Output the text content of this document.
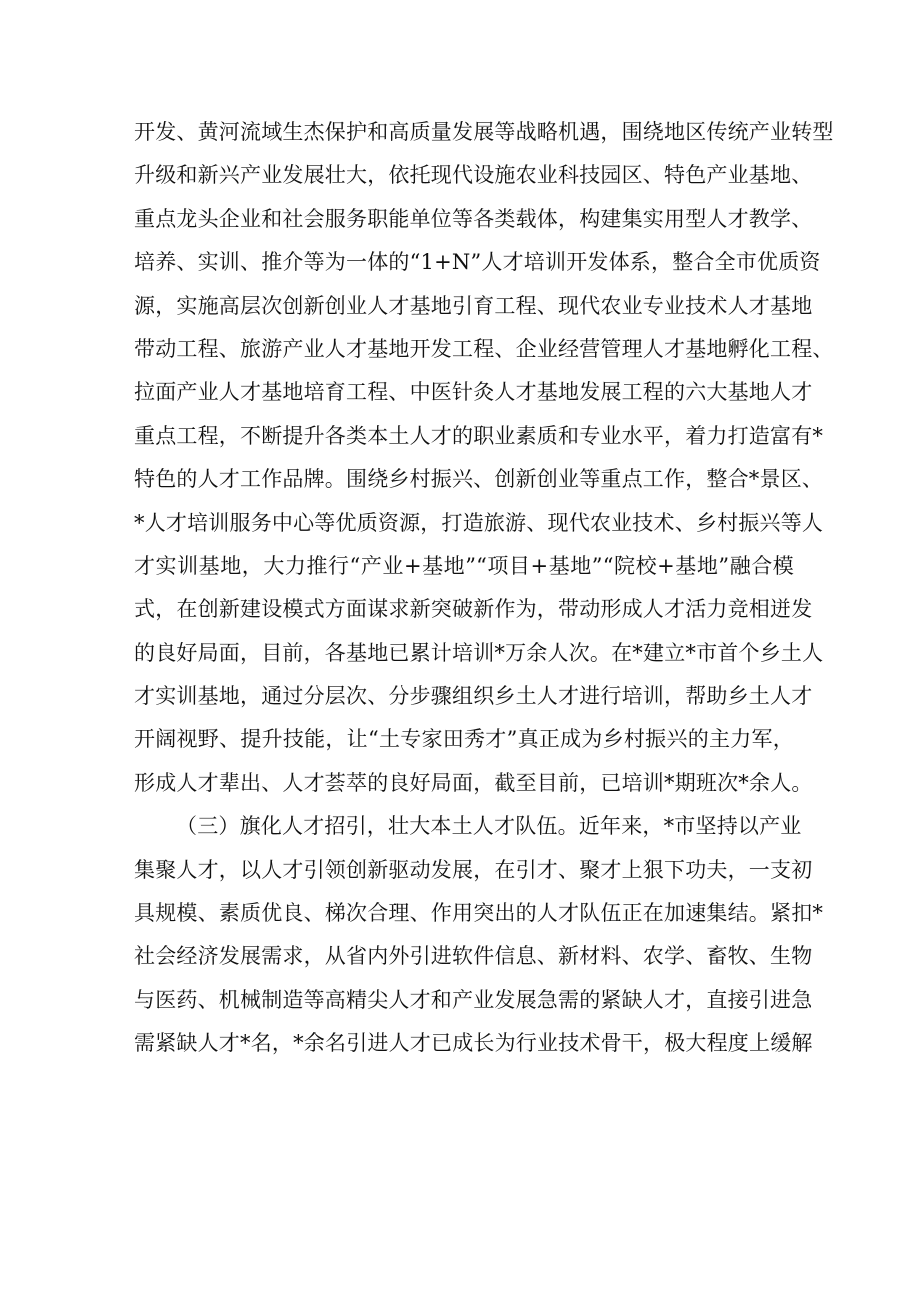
开发、黄河流域生杰保护和高质量发展等战略机遇，围绕地区传统产业转型
升级和新兴产业发展壮大，依托现代设施农业科技园区、特色产业基地、
重点龙头企业和社会服务职能单位等各类载体，构建集实用型人才教学、
培养、实训、推介等为一体的“1+N”人才培训开发体系，整合全市优质资
源，实施高层次创新创业人才基地引育工程、现代农业专业技术人才基地
带动工程、旅游产业人才基地开发工程、企业经营管理人才基地孵化工程、
拉面产业人才基地培育工程、中医针灸人才基地发展工程的六大基地人才
重点工程，不断提升各类本土人才的职业素质和专业水平，着力打造富有*
特色的人才工作品牌。围绕乡村振兴、创新创业等重点工作，整合*景区、
*人才培训服务中心等优质资源，打造旅游、现代农业技术、乡村振兴等人
才实训基地，大力推行“产业+基地”“项目+基地”“院校+基地”融合模
式，在创新建设模式方面谋求新突破新作为，带动形成人才活力竞相迸发
的良好局面，目前，各基地已累计培训*万余人次。在*建立*市首个乡土人
才实训基地，通过分层次、分步骤组织乡土人才进行培训，帮助乡土人才
开阔视野、提升技能，让“土专家田秀才”真正成为乡村振兴的主力军，
形成人才辈出、人才荟萃的良好局面，截至目前，已培训*期班次*余人。
（三）旗化人才招引，壮大本土人才队伍。近年来，*市坚持以产业
集聚人才，以人才引领创新驱动发展，在引才、聚才上狠下功夫，一支初
具规模、素质优良、梯次合理、作用突出的人才队伍正在加速集结。紧扣*
社会经济发展需求，从省内外引进软件信息、新材料、农学、畜牧、生物
与医药、机械制造等高精尖人才和产业发展急需的紧缺人才，直接引进急
需紧缺人才*名，*余名引进人才已成长为行业技术骨干，极大程度上缓解
